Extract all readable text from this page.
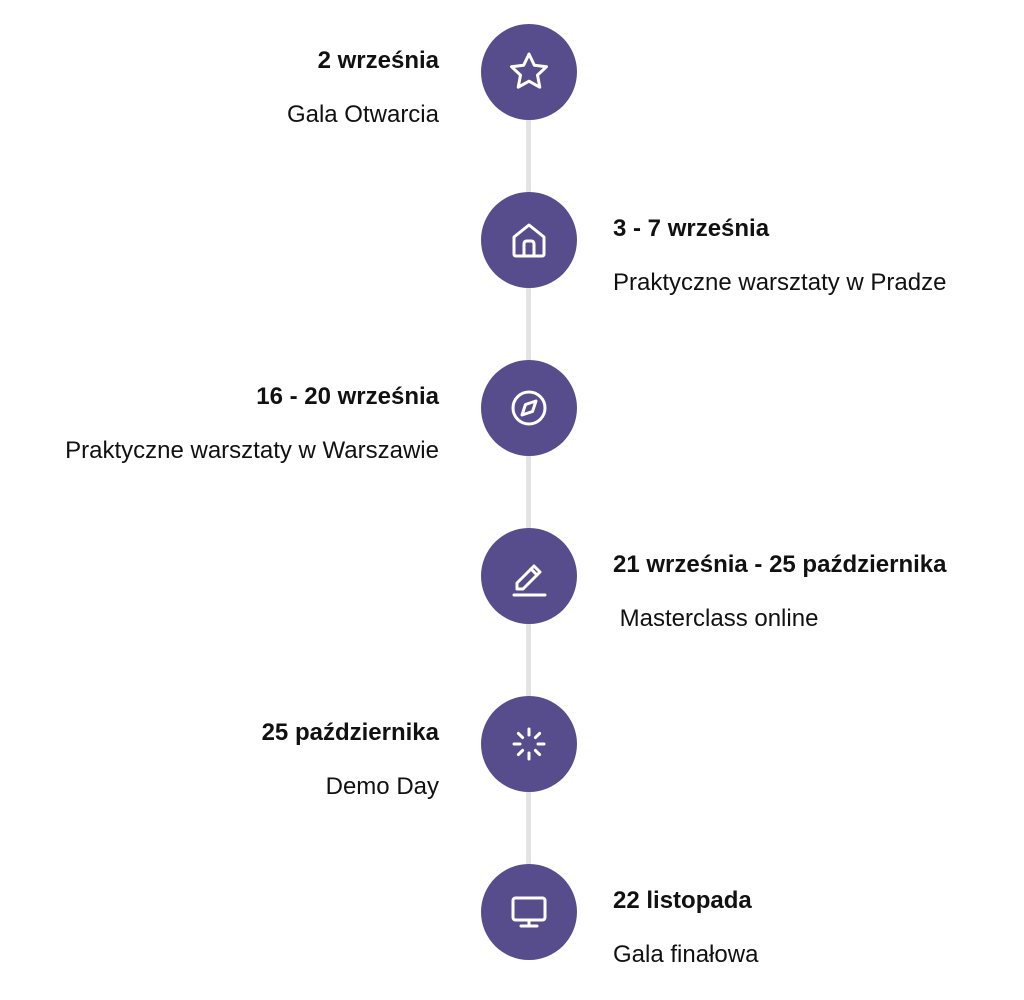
2 września
Gala Otwarcia
3 - 7 września
Praktyczne warsztaty w Pradze
16 - 20 września
Praktyczne warsztaty w Warszawie
21 września - 25 października
Masterclass online
25 października
Demo Day
22 listopada
Gala finałowa
